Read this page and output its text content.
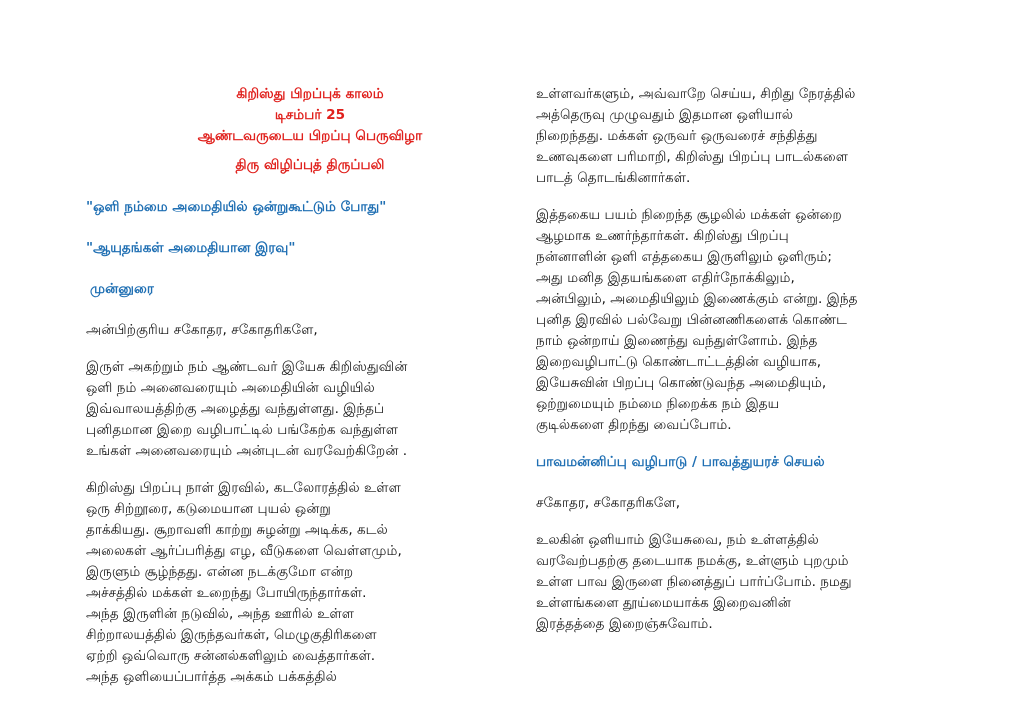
கிறிஸ்து பிறப்புக் காலம்

டிசம்பர் 25

ஆண்டவருடைய பிறப்பு பெருவிழா

திரு விழிப்புத் திருப்பலி

"ஒளி நம்மை அமைதியில் ஒன்றுகூட்டும் போது"

"ஆயுதங்கள் அமைதியான இரவு"

முன்னுரை

அன்பிற்குரிய சகோதர, சகோதரிகளே,

இருள் அகற்றும் நம் ஆண்டவர் இயேசு கிறிஸ்துவின்
ஒளி நம் அனைவரையும் அமைதியின் வழியில்
இவ்வாலயத்திற்கு அழைத்து வந்துள்ளது. இந்தப்
புனிதமான இறை வழிபாட்டில் பங்கேற்க வந்துள்ள
உங்கள் அனைவரையும் அன்புடன் வரவேற்கிறேன் .

கிறிஸ்து பிறப்பு நாள் இரவில், கடலோரத்தில் உள்ள
ஒரு சிற்றூரை, கடுமையான புயல் ஒன்று
தாக்கியது. சூறாவளி காற்று சுழன்று அடிக்க, கடல்
அலைகள் ஆர்ப்பரித்து எழ, வீடுகளை வெள்ளமும்,
இருளும் சூழ்ந்தது. என்ன நடக்குமோ என்ற
அச்சத்தில் மக்கள் உறைந்து போயிருந்தார்கள்.
அந்த இருளின் நடுவில், அந்த ஊரில் உள்ள
சிற்றாலயத்தில் இருந்தவர்கள், மெழுகுதிரிகளை
ஏற்றி ஒவ்வொரு சன்னல்களிலும் வைத்தார்கள்.
அந்த ஒளியைப்பார்த்த அக்கம் பக்கத்தில்

உள்ளவர்களும், அவ்வாறே செய்ய, சிறிது நேரத்தில்
அத்தெருவு முழுவதும் இதமான ஒளியால்
நிறைந்தது. மக்கள் ஒருவர் ஒருவரைச் சந்தித்து
உணவுகளை பரிமாறி, கிறிஸ்து பிறப்பு பாடல்களை
பாடத் தொடங்கினார்கள்.

இத்தகைய பயம் நிறைந்த சூழலில் மக்கள் ஒன்றை
ஆழமாக உணர்ந்தார்கள். கிறிஸ்து பிறப்பு
நன்னாளின் ஒளி எத்தகைய இருளிலும் ஒளிரும்;
அது மனித இதயங்களை எதிர்நோக்கிலும்,
அன்பிலும், அமைதியிலும் இணைக்கும் என்று. இந்த
புனித இரவில் பல்வேறு பின்னணிகளைக் கொண்ட
நாம் ஒன்றாய் இணைந்து வந்துள்ளோம். இந்த
இறைவழிபாட்டு கொண்டாட்டத்தின் வழியாக,
இயேசுவின் பிறப்பு கொண்டுவந்த அமைதியும்,
ஒற்றுமையும் நம்மை நிறைக்க நம் இதய
குடில்களை திறந்து வைப்போம்.

பாவமன்னிப்பு வழிபாடு / பாவத்துயரச் செயல்

சகோதர, சகோதரிகளே,

உலகின் ஒளியாம் இயேசுவை, நம் உள்ளத்தில்
வரவேற்பதற்கு தடையாக நமக்கு, உள்ளும் புறமும்
உள்ள பாவ இருளை நினைத்துப் பார்ப்போம். நமது
உள்ளங்களை தூய்மையாக்க இறைவனின்
இரத்தத்தை இறைஞ்சுவோம்.
